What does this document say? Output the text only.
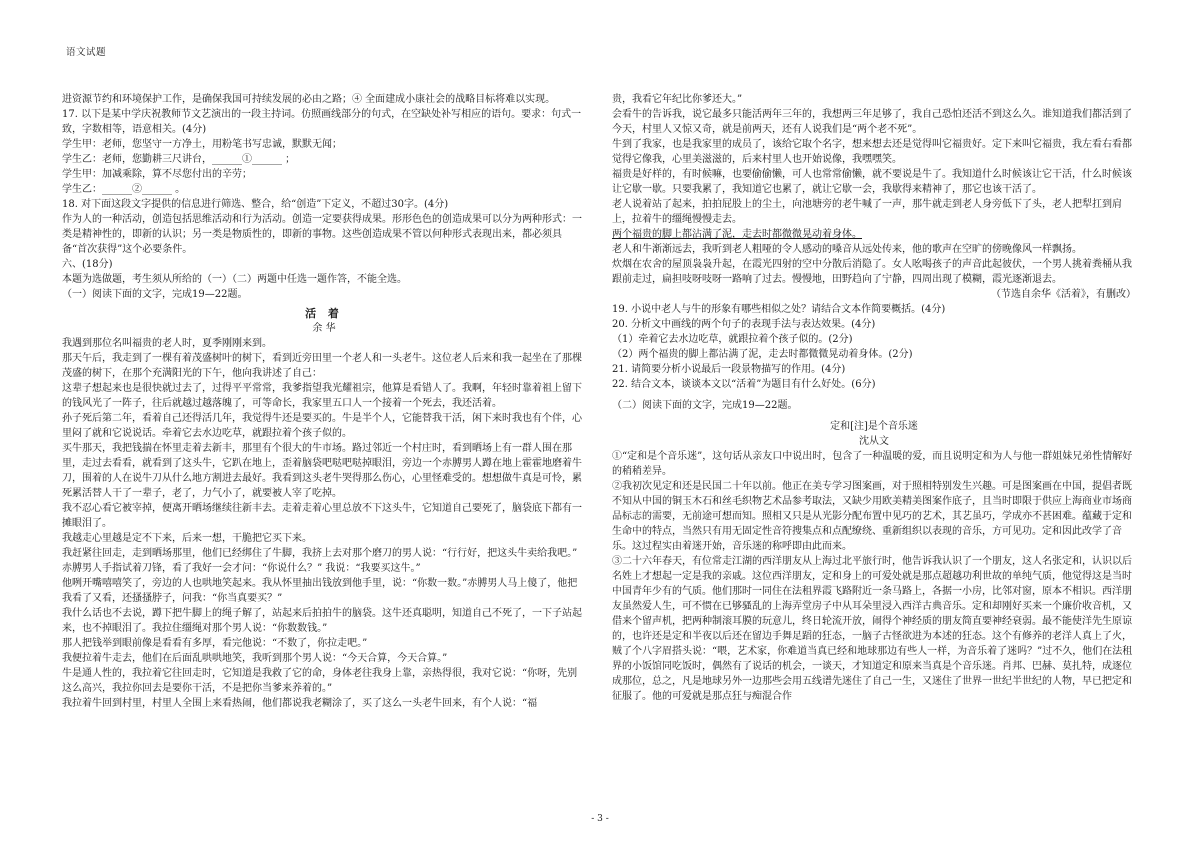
语文试题

进资源节约和环境保护工作，是确保我国可持续发展的必由之路；④ 全面建成小康社会的战略目标将难以实现。

17. 以下是某中学庆祝教师节文艺演出的一段主持词。仿照画线部分的句式，在空缺处补写相应的语句。要求：句式一致，字数相等，语意相关。(4分)

学生甲：老师，您坚守一方净土，用粉笔书写忠诚，默默无闻；

学生乙：老师，您勤耕三尺讲台，______①______ ；

学生甲：加减乘除，算不尽您付出的辛劳；

学生乙：______②______ 。

18. 对下面这段文字提供的信息进行筛选、整合，给“创造”下定义，不超过30字。(4分)

作为人的一种活动，创造包括思维活动和行为活动。创造一定要获得成果。形形色色的创造成果可以分为两种形式：一类是精神性的，即新的认识；另一类是物质性的，即新的事物。这些创造成果不管以何种形式表现出来，都必须具备“首次获得”这个必要条件。

六、(18分)

本题为选做题，考生须从所给的（一）（二）两题中任选一题作答，不能全选。

（一）阅读下面的文字，完成19—22题。

活 着

余 华

我遇到那位名叫福贵的老人时，夏季刚刚来到。

那天午后，我走到了一棵有着茂盛树叶的树下，看到近旁田里一个老人和一头老牛。这位老人后来和我一起坐在了那棵茂盛的树下，在那个充满阳光的下午，他向我讲述了自己：

这辈子想起来也是很快就过去了，过得平平常常，我爹指望我光耀祖宗，他算是看错人了。我啊，年轻时靠着祖上留下的钱风光了一阵子，往后就越过越落魄了，可等命长，我家里五口人一个接着一个死去，我还活着。

孙子死后第二年，看着自己还得活几年，我觉得牛还是要买的。牛是半个人，它能替我干活，闲下来时我也有个伴，心里闷了就和它说说话。牵着它去水边吃草，就跟拉着个孩子似的。

买牛那天，我把钱揣在怀里走着去新丰，那里有个很大的牛市场。路过邻近一个村庄时，看到晒场上有一群人围在那里，走过去看看，就看到了这头牛，它趴在地上，歪着脑袋吧哒吧哒掉眼泪，旁边一个赤膊男人蹲在地上霍霍地磨着牛刀，围着的人在说牛刀从什么地方割进去最好。我看到这头老牛哭得那么伤心，心里怪难受的。想想做牛真是可怜，累死累活替人干了一辈子，老了，力气小了，就要被人宰了吃掉。

我不忍心看它被宰掉，便离开晒场继续往新丰去。走着走着心里总放不下这头牛，它知道自己要死了，脑袋底下都有一摊眼泪了。

我越走心里越是定不下来，后来一想，干脆把它买下来。

我赶紧往回走，走到晒场那里，他们已经绑住了牛脚，我挤上去对那个磨刀的男人说：“行行好，把这头牛卖给我吧。”

赤膊男人手指试着刀锋，看了我好一会才问：“你说什么？” 我说：“我要买这牛。”

他咧开嘴嘻嘻笑了，旁边的人也哄地笑起来。我从怀里抽出钱放到他手里，说：“你数一数。”赤膊男人马上傻了，他把我看了又看，还搔搔脖子，问我：“你当真要买？”

我什么话也不去说，蹲下把牛脚上的绳子解了，站起来后拍拍牛的脑袋。这牛还真聪明，知道自己不死了，一下子站起来，也不掉眼泪了。我拉住缰绳对那个男人说：“你数数钱。”

那人把钱举到眼前像是看看有多厚，看完他说：“不数了，你拉走吧。”

我便拉着牛走去，他们在后面乱哄哄地笑，我听到那个男人说：“今天合算，今天合算。”

牛是通人性的，我拉着它往回走时，它知道是我救了它的命，身体老往我身上靠，亲热得很，我对它说：“你呀，先别这么高兴，我拉你回去是要你干活，不是把你当爹来养着的。”

我拉着牛回到村里，村里人全围上来看热闹，他们都说我老糊涂了，买了这么一头老牛回来，有个人说：“福

贵，我看它年纪比你爹还大。”

会看牛的告诉我，说它最多只能活两年三年的，我想两三年足够了，我自己恐怕还活不到这么久。谁知道我们都活到了今天，村里人又惊又奇，就是前两天，还有人说我们是“两个老不死”。

牛到了我家，也是我家里的成员了，该给它取个名字，想来想去还是觉得叫它福贵好。定下来叫它福贵，我左看右看都觉得它像我，心里美滋滋的，后来村里人也开始说像，我嘿嘿笑。

福贵是好样的，有时候嘛，也要偷偷懒，可人也常常偷懒，就不要说是牛了。我知道什么时候该让它干活，什么时候该让它歇一歇。只要我累了，我知道它也累了，就让它歇一会，我歇得来精神了，那它也该干活了。

老人说着站了起来，拍拍屁股上的尘土，向池塘旁的老牛喊了一声，那牛就走到老人身旁低下了头，老人把犁扛到肩上，拉着牛的缰绳慢慢走去。

两个福贵的脚上都沾满了泥，走去时都微微晃动着身体。

老人和牛渐渐远去，我听到老人粗哑的令人感动的嗓音从远处传来，他的歌声在空旷的傍晚像风一样飘扬。

炊烟在农舍的屋顶袅袅升起，在霞光四射的空中分散后消隐了。女人吆喝孩子的声音此起彼伏，一个男人挑着粪桶从我跟前走过，扁担吱呀吱呀一路响了过去。慢慢地，田野趋向了宁静，四周出现了模糊，霞光逐渐退去。

（节选自余华《活着》，有删改）

19. 小说中老人与牛的形象有哪些相似之处？请结合文本作简要概括。(4分)

20. 分析文中画线的两个句子的表现手法与表达效果。(4分)

（1）牵着它去水边吃草，就跟拉着个孩子似的。(2分)

（2）两个福贵的脚上都沾满了泥，走去时都微微晃动着身体。(2分)

21. 请简要分析小说最后一段景物描写的作用。(4分)

22. 结合文本，谈谈本文以“活着”为题目有什么好处。(6分)

（二）阅读下面的文字，完成19—22题。

定和[注]是个音乐迷

沈从文

①“定和是个音乐迷”，这句话从亲友口中说出时，包含了一种温暖的爱，而且说明定和为人与他一群姐妹兄弟性情解好的稍稍差异。

②我初次见定和还是民国二十年以前。他正在美专学习图案画，对于照相特别发生兴趣。可是图案画在中国，提倡者既不知从中国的铜玉木石和丝毛织物艺术品参考取法，又缺少用欧美精美图案作底子，且当时即限于供应上海商业市场商品标志的需要，无前途可想而知。照相又只是从光影分配布置中见巧的艺术，其艺虽巧，学成亦不甚困难。蕴藏于定和生命中的特点，当然只有用无固定性音符搜集点和点配缭绕、重新组织以表现的音乐，方可见功。定和因此改学了音乐。这过程实由着迷开始，音乐迷的称呼即由此而来。

③二十六年春天，有位常走江湖的西洋朋友从上海过北平旅行时，他告诉我认识了一个朋友，这人名张定和，认识以后名姓上才想起一定是我的亲戚。这位西洋朋友，定和身上的可爱处就是那点超越功利世故的单纯气质，他觉得这是当时中国青年少有的气质。他们那时一同住在法租界霞飞路附近一条马路上，各据一小房，比邻对窗，原本不相识。西洋朋友虽然爱人生，可不惯在已够骚乱的上海弄堂房子中从耳朵里浸入西洋古典音乐。定和却刚好买来一个廉价收音机，又借来个留声机，把两种制滚耳膜的玩意儿，终日轮流开放，闹得个神经质的朋友简直要神经衰弱。最不能使洋先生原谅的，也许还是定和半夜以后还在留边手舞足蹈的狂态，一脑子古怪欲进为本述的狂态。这个有修养的老洋人真上了火，贼了个八字眉搭头说：“喂，艺术家，你难道当真已经和地球那边有些人一样，为音乐着了迷吗？”过不久，他们在法租界的小饭馆同吃饭时，偶然有了说话的机会，一谈天，才知道定和原来当真是个音乐迷。肖邦、巴赫、莫扎特，成逐位成那位，总之，凡是地球另外一边那些会用五线谱先迷住了自己一生，又迷住了世界一世纪半世纪的人物，早已把定和征服了。他的可爱就是那点狂与痴混合作

- 3 -
